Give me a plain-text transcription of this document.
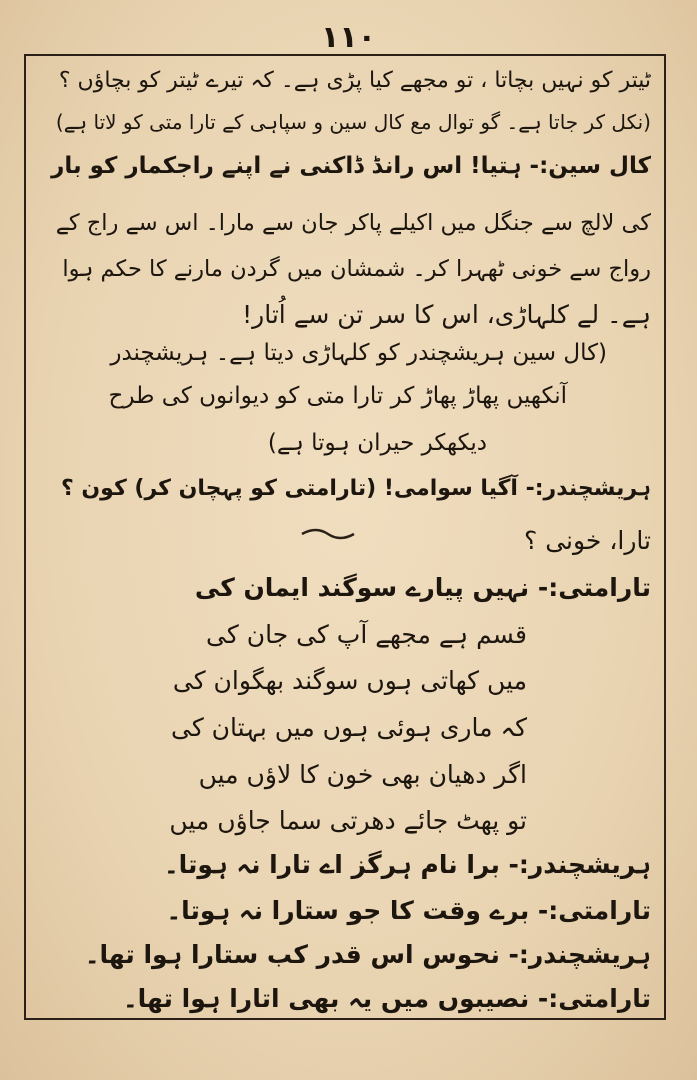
۱۱۰
ٹیتر کو نہیں بچاتا ، تو مجھے کیا پڑی ہے۔ کہ تیرے ٹیتر کو بچاؤں ؟
(نکل کر جاتا ہے۔ گو توال مع کال سین و سپاہی کے تارا متی کو لاتا ہے)
کال سین:- ہتیا! اس رانڈ ڈاکنی نے اپنے راجکمار کو بار
کی لالچ سے جنگل میں اکیلے پاکر جان سے مارا۔ اس سے راج کے
رواج سے خونی ٹھہرا کر۔ شمشان میں گردن مارنے کا حکم ہوا
ہے۔ لے کلہاڑی، اس کا سر تن سے اُتار!
(کال سین ہریشچندر کو کلہاڑی دیتا ہے۔ ہریشچندر
آنکھیں پھاڑ پھاڑ کر تارا متی کو دیوانوں کی طرح
دیکھکر حیران ہوتا ہے)
ہریشچندر:- آگیا سوامی! (تارامتی کو پہچان کر) کون ؟
تارا، خونی ؟
تارامتی:- نہیں پیارے سوگند ایمان کی
قسم ہے مجھے آپ کی جان کی
میں کھاتی ہوں سوگند بھگوان کی
کہ ماری ہوئی ہوں میں بہتان کی
اگر دھیان بھی خون کا لاؤں میں
تو پھٹ جائے دھرتی سما جاؤں میں
ہریشچندر:- برا نام ہرگز اے تارا نہ ہوتا۔
تارامتی:- برے وقت کا جو ستارا نہ ہوتا۔
ہریشچندر:- نحوس اس قدر کب ستارا ہوا تھا۔
تارامتی:- نصیبوں میں یہ بھی اتارا ہوا تھا۔
